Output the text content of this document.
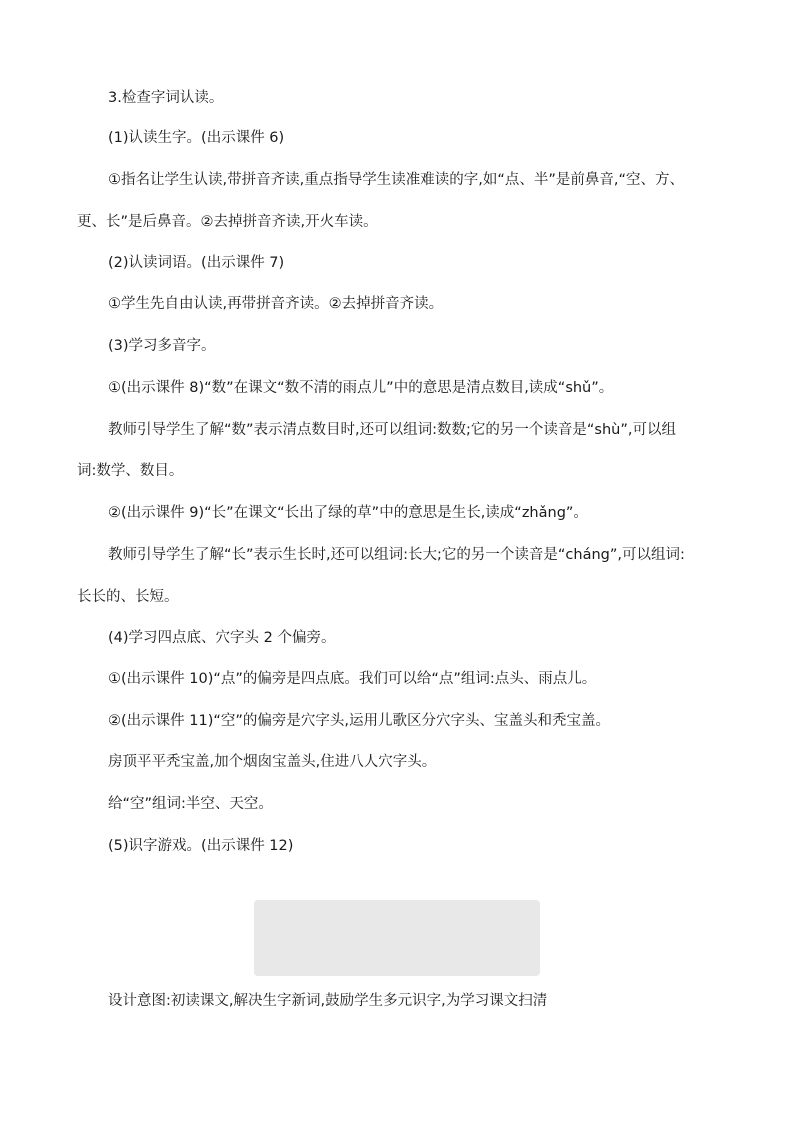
3.检查字词认读。
(1)认读生字。(出示课件 6)
①指名让学生认读,带拼音齐读,重点指导学生读准难读的字,如“点、半”是前鼻音,“空、方、
更、长”是后鼻音。②去掉拼音齐读,开火车读。
(2)认读词语。(出示课件 7)
①学生先自由认读,再带拼音齐读。②去掉拼音齐读。
(3)学习多音字。
①(出示课件 8)“数”在课文“数不清的雨点儿”中的意思是清点数目,读成“shǔ”。
教师引导学生了解“数”表示清点数目时,还可以组词:数数;它的另一个读音是“shù”,可以组
词:数学、数目。
②(出示课件 9)“长”在课文“长出了绿的草”中的意思是生长,读成“zhǎng”。
教师引导学生了解“长”表示生长时,还可以组词:长大;它的另一个读音是“cháng”,可以组词:
长长的、长短。
(4)学习四点底、穴字头 2 个偏旁。
①(出示课件 10)“点”的偏旁是四点底。我们可以给“点”组词:点头、雨点儿。
②(出示课件 11)“空”的偏旁是穴字头,运用儿歌区分穴字头、宝盖头和秃宝盖。
房顶平平秃宝盖,加个烟囱宝盖头,住进八人穴字头。
给“空”组词:半空、天空。
(5)识字游戏。(出示课件 12)
设计意图:初读课文,解决生字新词,鼓励学生多元识字,为学习课文扫清
